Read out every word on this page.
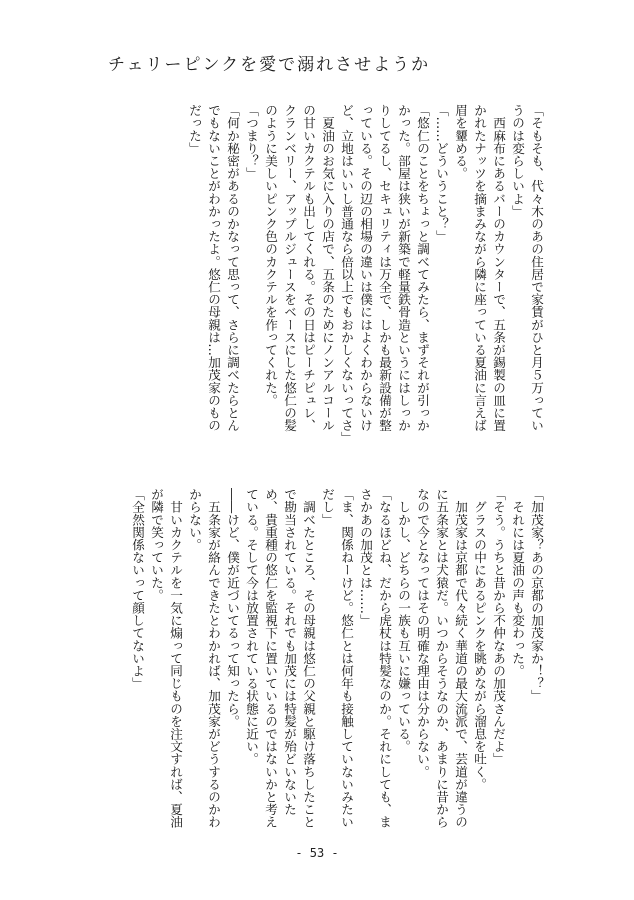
チェリーピンクを愛で溺れさせようか

「そもそも、代々木のあの住居で家賃がひと月５万っていうのは変らしいよ」

　西麻布にあるバーのカウンターで、五条が錫製の皿に置かれたナッツを摘まみながら隣に座っている夏油に言えば眉を顰める。

「……どういうこと？」

「悠仁のことをちょっと調べてみたら、まずそれが引っかかった。部屋は狭いが新築で軽量鉄骨造というにはしっかりしてるし、セキュリティは万全で、しかも最新設備が整っている。その辺の相場の違いは僕にはよくわからないけど、立地はいいし普通なら倍以上でもおかしくないってさ」

　夏油のお気に入りの店で、五条のためにノンアルコールの甘いカクテルも出してくれる。その日はピーチピュレ、クランベリー、アップルジュースをベースにした悠仁の髪のように美しいピンク色のカクテルを作ってくれた。

「つまり？」

「何か秘密があるのかなって思って、さらに調べたらとんでもないことがわかったよ。悠仁の母親は…加茂家のものだった」

「加茂家？あの京都の加茂家か！？」

　それには夏油の声も変わった。

「そう。うちと昔から不仲なあの加茂さんだよ」

　グラスの中にあるピンクを眺めながら溜息を吐く。

　加茂家は京都で代々続く華道の最大流派で、芸道が違うのに五条家とは犬猿だ。いつからそうなのか、あまりに昔からなので今となってはその明確な理由は分からない。

　しかし、どちらの一族も互いに嫌っている。

「なるほどね、だから虎杖は特髪なのか。それにしても、まさかあの加茂とは……」

「ま、関係ねーけど。悠仁とは何年も接触していないみたいだし」

　調べたところ、その母親は悠仁の父親と駆け落ちしたことで勘当されている。それでも加茂には特髪が殆どいないため、貴重種の悠仁を監視下に置いているのではないかと考えている。そして今は放置されている状態に近い。

――けど、僕が近づいてるって知ったら。

　五条家が絡んできたとわかれば、加茂家がどうするのかわからない。

　甘いカクテルを一気に煽って同じものを注文すれば、夏油が隣で笑っていた。

「全然関係ないって顔してないよ」

- 53 -
